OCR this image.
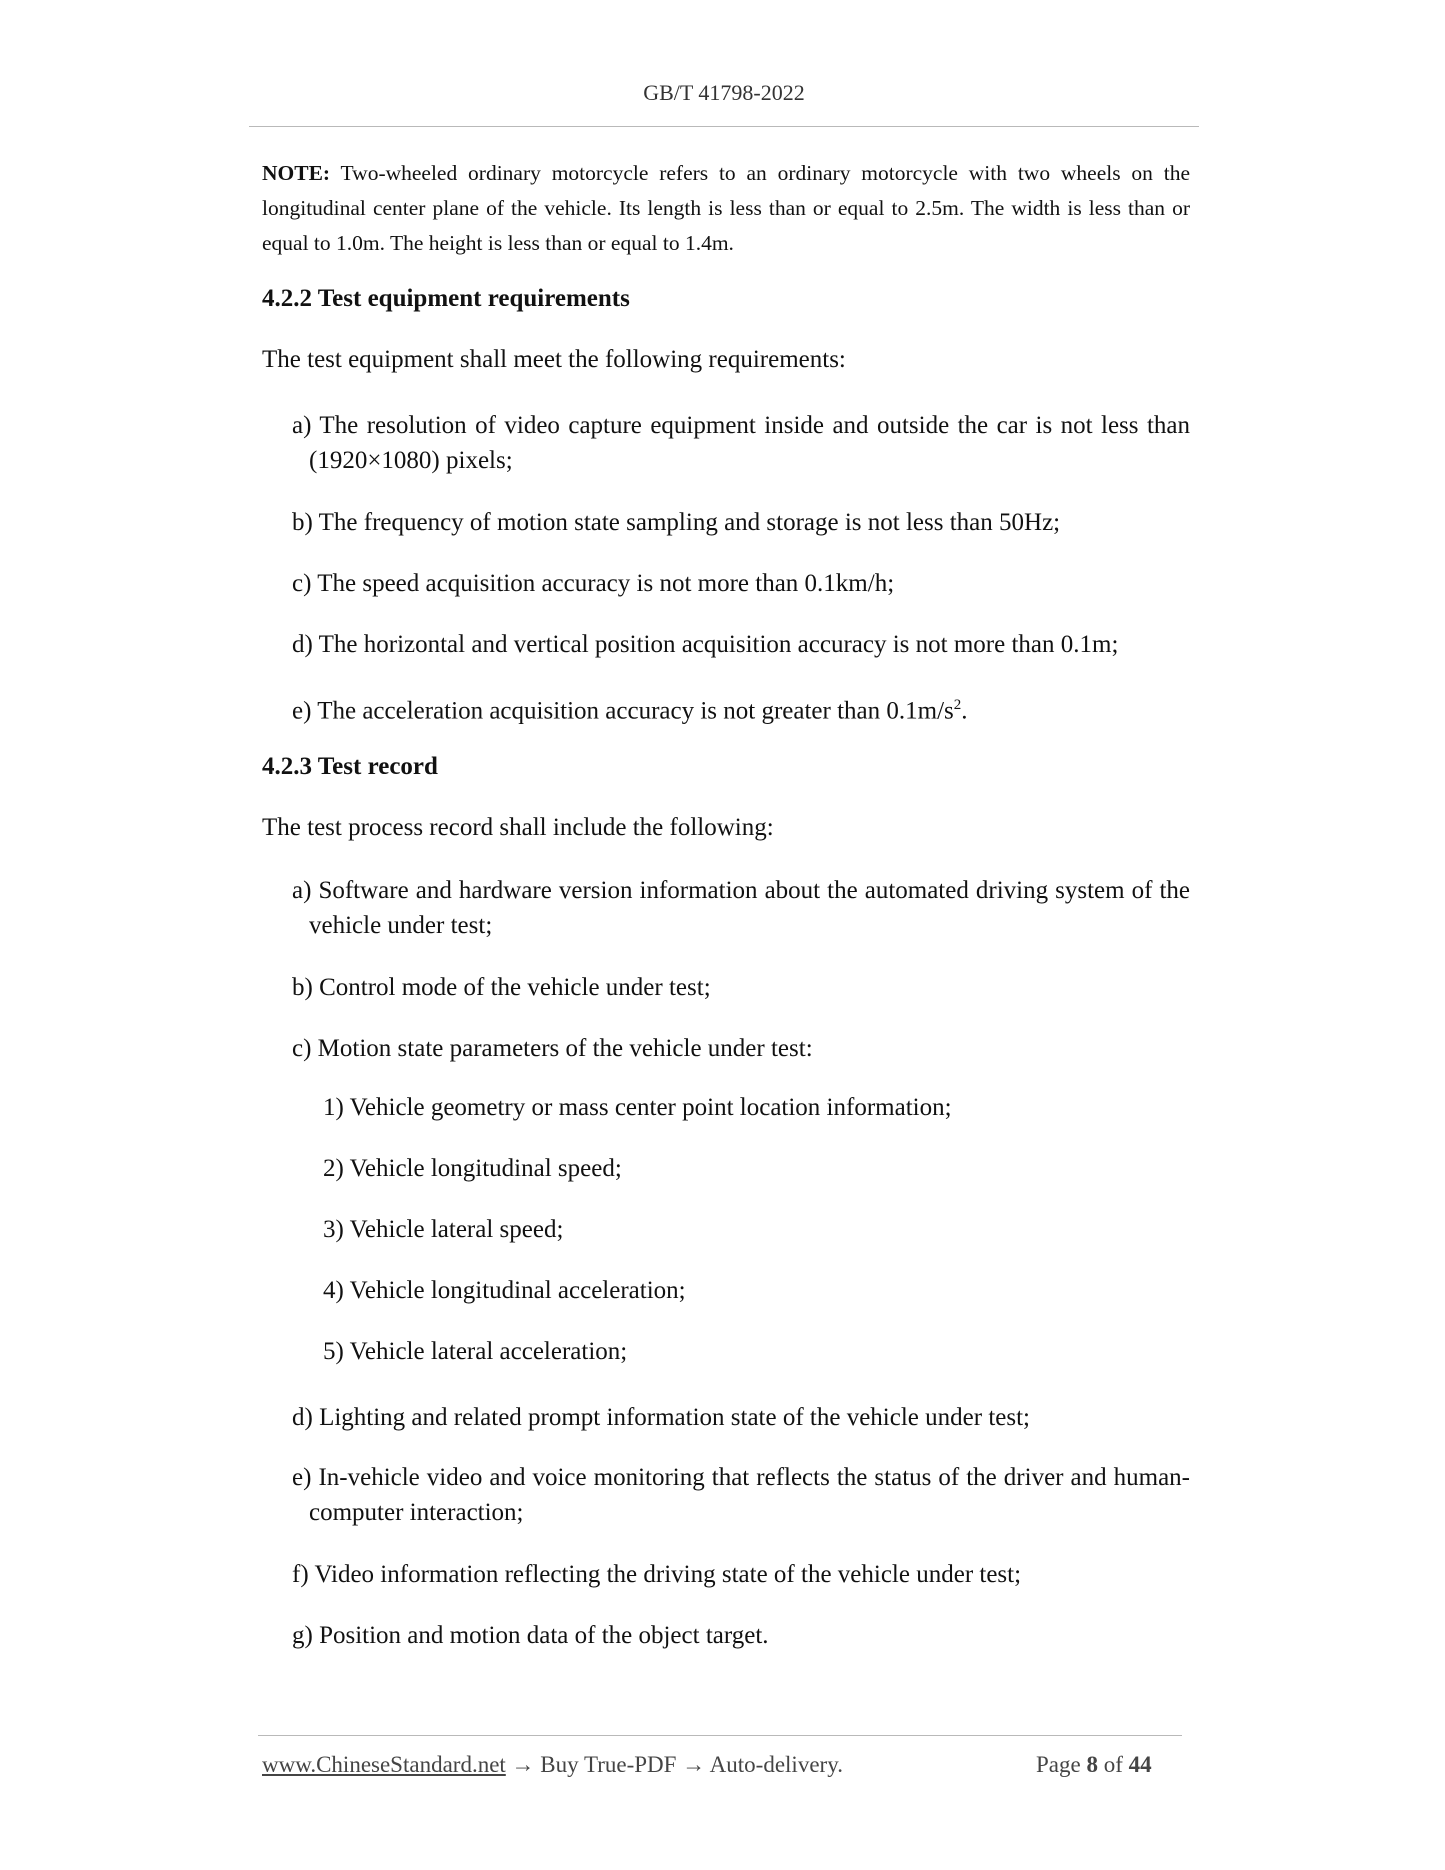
GB/T 41798-2022
NOTE: Two-wheeled ordinary motorcycle refers to an ordinary motorcycle with two wheels on the longitudinal center plane of the vehicle. Its length is less than or equal to 2.5m. The width is less than or equal to 1.0m. The height is less than or equal to 1.4m.
4.2.2 Test equipment requirements
The test equipment shall meet the following requirements:
a) The resolution of video capture equipment inside and outside the car is not less than (1920×1080) pixels;
b) The frequency of motion state sampling and storage is not less than 50Hz;
c) The speed acquisition accuracy is not more than 0.1km/h;
d) The horizontal and vertical position acquisition accuracy is not more than 0.1m;
e) The acceleration acquisition accuracy is not greater than $0.1m/s^2$.
4.2.3 Test record
The test process record shall include the following:
a) Software and hardware version information about the automated driving system of the vehicle under test;
b) Control mode of the vehicle under test;
c) Motion state parameters of the vehicle under test:
1) Vehicle geometry or mass center point location information;
2) Vehicle longitudinal speed;
3) Vehicle lateral speed;
4) Vehicle longitudinal acceleration;
5) Vehicle lateral acceleration;
d) Lighting and related prompt information state of the vehicle under test;
e) In-vehicle video and voice monitoring that reflects the status of the driver and human-computer interaction;
f) Video information reflecting the driving state of the vehicle under test;
g) Position and motion data of the object target.
www.ChineseStandard.net → Buy True-PDF → Auto-delivery.	Page 8 of 44
